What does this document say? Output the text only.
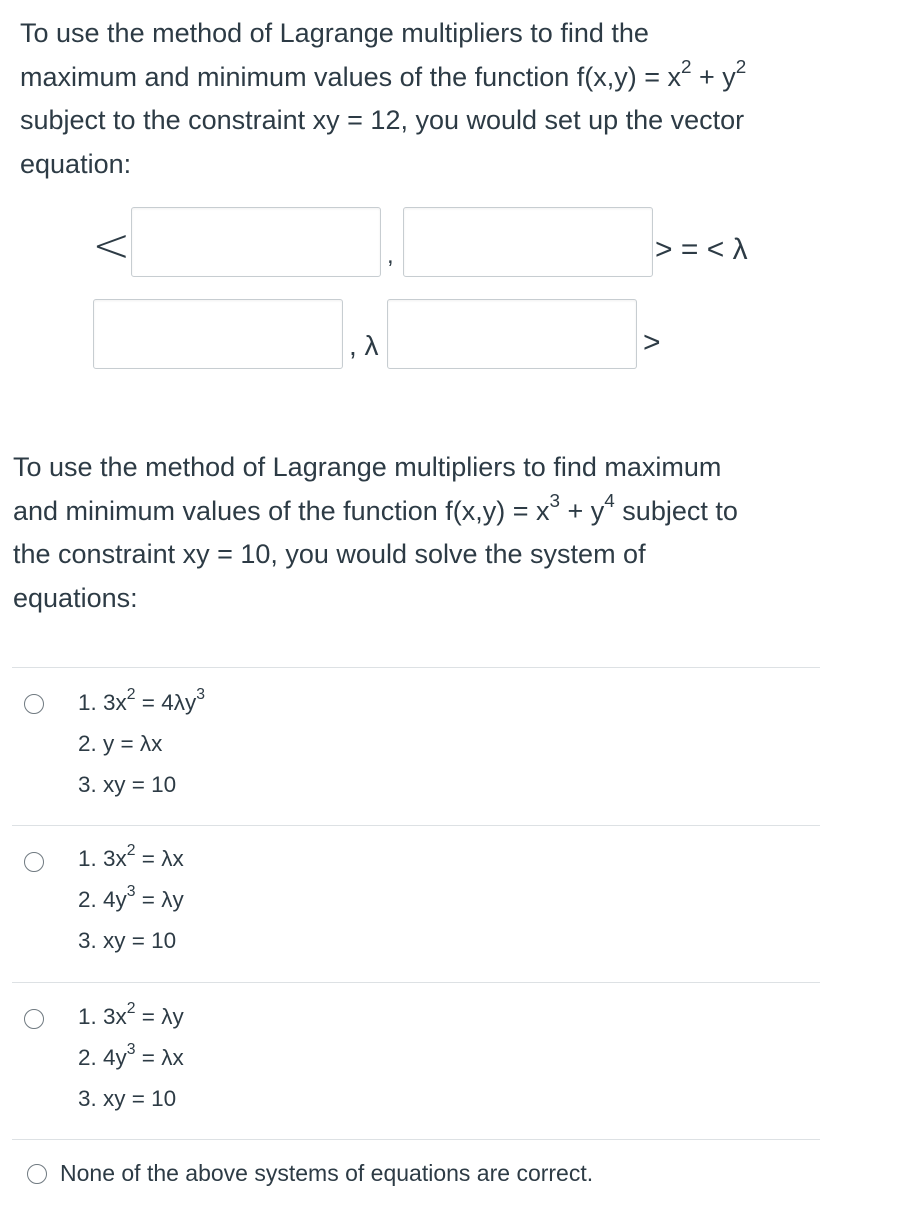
To use the method of Lagrange multipliers to find the
maximum and minimum values of the function $f(x,y) = x^2 + y^2$
subject to the constraint xy = 12, you would set up the vector
equation:
<	,	> = < λ
, λ	>
To use the method of Lagrange multipliers to find maximum
and minimum values of the function $f(x,y) = x^3 + y^4$ subject to
the constraint xy = 10, you would solve the system of
equations:
1. $3x^2 = 4\lambda y^3$
2. y = λx
3. xy = 10
1. $3x^2 = \lambda x$
2. $4y^3 = \lambda y$
3. xy = 10
1. $3x^2 = \lambda y$
2. $4y^3 = \lambda x$
3. xy = 10
None of the above systems of equations are correct.
